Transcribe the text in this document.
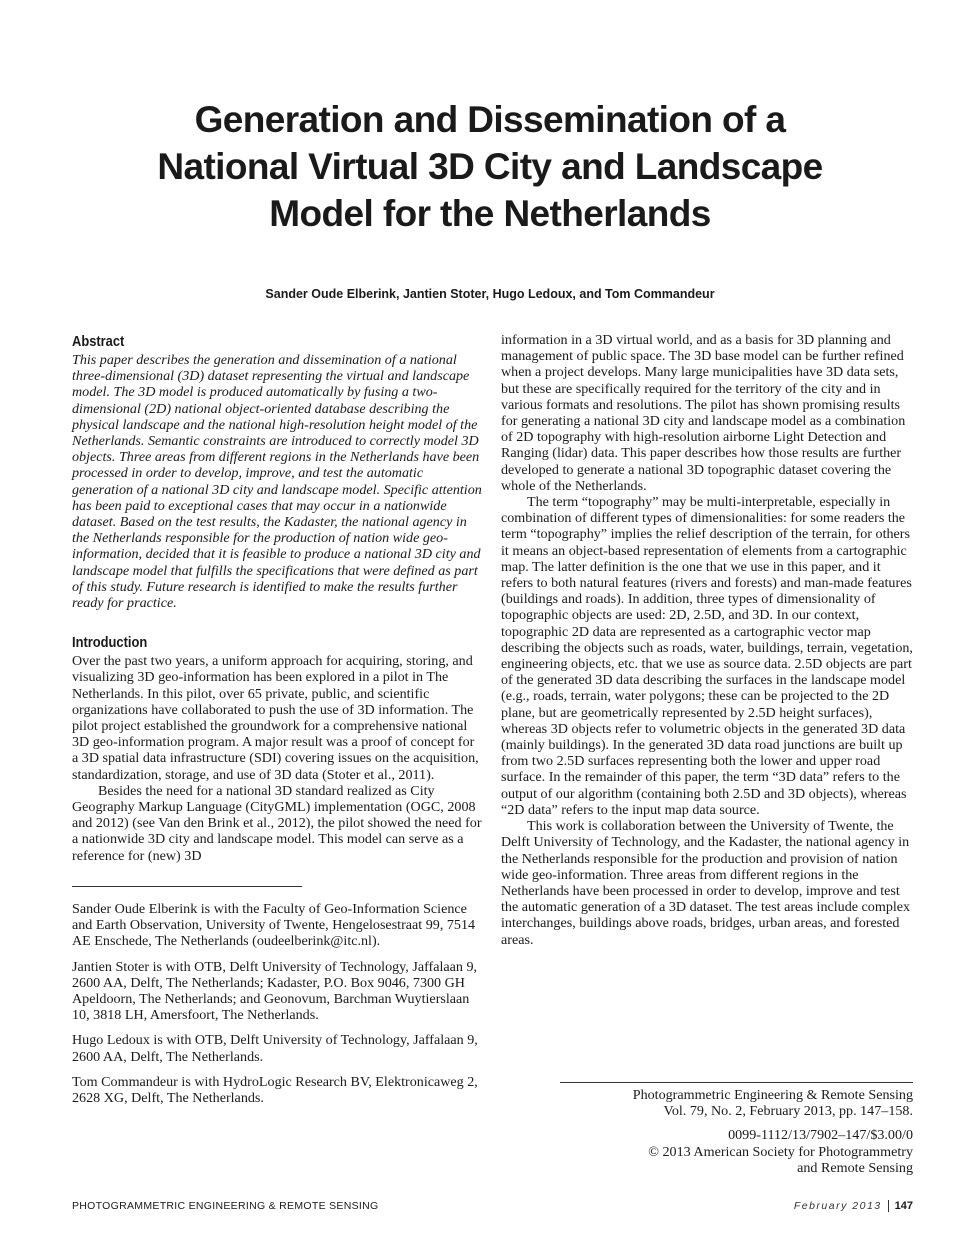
Generation and Dissemination of a
National Virtual 3D City and Landscape
Model for the Netherlands

Sander Oude Elberink, Jantien Stoter, Hugo Ledoux, and Tom Commandeur

Abstract

This paper describes the generation and dissemination of a national three-dimensional (3D) dataset representing the virtual and landscape model. The 3D model is produced automatically by fusing a two-dimensional (2D) national object-oriented database describing the physical landscape and the national high-resolution height model of the Netherlands. Semantic constraints are introduced to correctly model 3D objects. Three areas from different regions in the Netherlands have been processed in order to develop, improve, and test the automatic generation of a national 3D city and landscape model. Specific attention has been paid to exceptional cases that may occur in a nationwide dataset. Based on the test results, the Kadaster, the national agency in the Netherlands responsible for the production of nation wide geo-information, decided that it is feasible to produce a national 3D city and landscape model that fulfills the specifications that were defined as part of this study. Future research is identified to make the results further ready for practice.

Introduction

Over the past two years, a uniform approach for acquiring, storing, and visualizing 3D geo-information has been explored in a pilot in The Netherlands. In this pilot, over 65 private, public, and scientific organizations have collaborated to push the use of 3D information. The pilot project established the groundwork for a comprehensive national 3D geo-information program. A major result was a proof of concept for a 3D spatial data infrastructure (SDI) covering issues on the acquisition, standardization, storage, and use of 3D data (Stoter et al., 2011).

Besides the need for a national 3D standard realized as City Geography Markup Language (CityGML) implementation (OGC, 2008 and 2012) (see Van den Brink et al., 2012), the pilot showed the need for a nationwide 3D city and landscape model. This model can serve as a reference for (new) 3D

Sander Oude Elberink is with the Faculty of Geo-Information Science and Earth Observation, University of Twente, Hengelosestraat 99, 7514 AE Enschede, The Netherlands (oudeelberink@itc.nl).

Jantien Stoter is with OTB, Delft University of Technology, Jaffalaan 9, 2600 AA, Delft, The Netherlands; Kadaster, P.O. Box 9046, 7300 GH Apeldoorn, The Netherlands; and Geonovum, Barchman Wuytierslaan 10, 3818 LH, Amersfoort, The Netherlands.

Hugo Ledoux is with OTB, Delft University of Technology, Jaffalaan 9, 2600 AA, Delft, The Netherlands.

Tom Commandeur is with HydroLogic Research BV, Elektronicaweg 2, 2628 XG, Delft, The Netherlands.

information in a 3D virtual world, and as a basis for 3D planning and management of public space. The 3D base model can be further refined when a project develops. Many large municipalities have 3D data sets, but these are specifically required for the territory of the city and in various formats and resolutions. The pilot has shown promising results for generating a national 3D city and landscape model as a combination of 2D topography with high-resolution airborne Light Detection and Ranging (lidar) data. This paper describes how those results are further developed to generate a national 3D topographic dataset covering the whole of the Netherlands.

The term “topography” may be multi-interpretable, especially in combination of different types of dimensionalities: for some readers the term “topography” implies the relief description of the terrain, for others it means an object-based representation of elements from a cartographic map. The latter definition is the one that we use in this paper, and it refers to both natural features (rivers and forests) and man-made features (buildings and roads). In addition, three types of dimensionality of topographic objects are used: 2D, 2.5D, and 3D. In our context, topographic 2D data are represented as a cartographic vector map describing the objects such as roads, water, buildings, terrain, vegetation, engineering objects, etc. that we use as source data. 2.5D objects are part of the generated 3D data describing the surfaces in the landscape model (e.g., roads, terrain, water polygons; these can be projected to the 2D plane, but are geometrically represented by 2.5D height surfaces), whereas 3D objects refer to volumetric objects in the generated 3D data (mainly buildings). In the generated 3D data road junctions are built up from two 2.5D surfaces representing both the lower and upper road surface. In the remainder of this paper, the term “3D data” refers to the output of our algorithm (containing both 2.5D and 3D objects), whereas “2D data” refers to the input map data source.

This work is collaboration between the University of Twente, the Delft University of Technology, and the Kadaster, the national agency in the Netherlands responsible for the production and provision of nation wide geo-information. Three areas from different regions in the Netherlands have been processed in order to develop, improve and test the automatic generation of a 3D dataset. The test areas include complex interchanges, buildings above roads, bridges, urban areas, and forested areas.

Photogrammetric Engineering & Remote Sensing
Vol. 79, No. 2, February 2013, pp. 147–158.
0099-1112/13/7902–147/$3.00/0
© 2013 American Society for Photogrammetry
and Remote Sensing
PHOTOGRAMMETRIC ENGINEERING & REMOTE SENSING	February 2013 147
